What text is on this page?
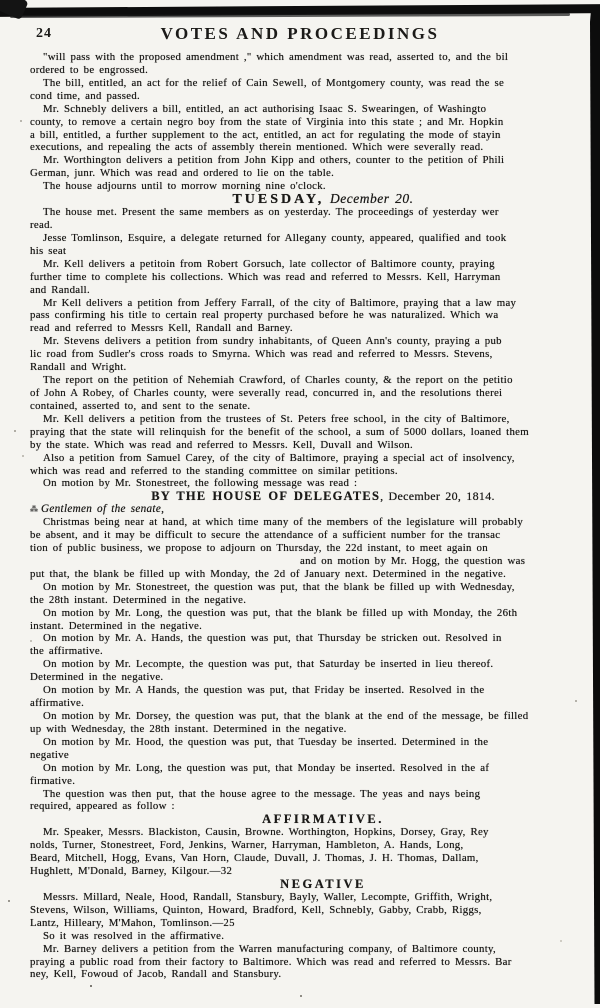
24	VOTES AND PROCEEDINGS
"will pass with the proposed amendment ," which amendment was read, asserted to, and the bil
ordered to be engrossed.
The bill, entitled, an act for the relief of Cain Sewell, of Montgomery county, was read the se
cond time, and passed.
Mr. Schnebly delivers a bill, entitled, an act authorising Isaac S. Swearingen, of Washingto
county, to remove a certain negro boy from the state of Virginia into this state ; and Mr. Hopkin
a bill, entitled, a further supplement to the act, entitled, an act for regulating the mode of stayin
executions, and repealing the acts of assembly therein mentioned. Which were severally read.
Mr. Worthington delivers a petition from John Kipp and others, counter to the petition of Phili
German, junr. Which was read and ordered to lie on the table.
The house adjourns until to morrow morning nine o'clock.
TUESDAY, December 20.
The house met. Present the same members as on yesterday. The proceedings of yesterday wer
read.
Jesse Tomlinson, Esquire, a delegate returned for Allegany county, appeared, qualified and took
his seat
Mr. Kell delivers a petitoin from Robert Gorsuch, late collector of Baltimore county, praying
further time to complete his collections. Which was read and referred to Messrs. Kell, Harryman
and Randall.
Mr Kell delivers a petition from Jeffery Farrall, of the city of Baltimore, praying that a law may
pass confirming his title to certain real property purchased before he was naturalized. Which wa
read and referred to Messrs Kell, Randall and Barney.
Mr. Stevens delivers a petition from sundry inhabitants, of Queen Ann's county, praying a pub
lic road from Sudler's cross roads to Smyrna. Which was read and referred to Messrs. Stevens,
Randall and Wright.
The report on the petition of Nehemiah Crawford, of Charles county, & the report on the petitio
of John A Robey, of Charles county, were severally read, concurred in, and the resolutions therei
contained, asserted to, and sent to the senate.
Mr. Kell delivers a petition from the trustees of St. Peters free school, in the city of Baltimore,
praying that the state will relinquish for the benefit of the school, a sum of 5000 dollars, loaned them
by the state. Which was read and referred to Messrs. Kell, Duvall and Wilson.
Also a petition from Samuel Carey, of the city of Baltimore, praying a special act of insolvency,
which was read and referred to the standing committee on similar petitions.
On motion by Mr. Stonestreet, the following message was read :
BY THE HOUSE OF DELEGATES, December 20, 1814.
⁂ Gentlemen of the senate,
Christmas being near at hand, at which time many of the members of the legislature will probably
be absent, and it may be difficult to secure the attendance of a sufficient number for the transac
tion of public business, we propose to adjourn on Thursday, the 22d instant, to meet again on
and on motion by Mr. Hogg, the question was
put that, the blank be filled up with Monday, the 2d of January next. Determined in the negative.
On motion by Mr. Stonestreet, the question was put, that the blank be filled up with Wednesday,
the 28th instant. Determined in the negative.
On motion by Mr. Long, the question was put, that the blank be filled up with Monday, the 26th
instant. Determined in the negative.
On motion by Mr. A. Hands, the question was put, that Thursday be stricken out. Resolved in
the affirmative.
On motion by Mr. Lecompte, the question was put, that Saturday be inserted in lieu thereof.
Determined in the negative.
On motion by Mr. A Hands, the question was put, that Friday be inserted. Resolved in the
affirmative.
On motion by Mr. Dorsey, the question was put, that the blank at the end of the message, be filled
up with Wednesday, the 28th instant. Determined in the negative.
On motion by Mr. Hood, the question was put, that Tuesday be inserted. Determined in the
negative
On motion by Mr. Long, the question was put, that Monday be inserted. Resolved in the af
firmative.
The question was then put, that the house agree to the message. The yeas and nays being
required, appeared as follow :
AFFIRMATIVE.
Mr. Speaker, Messrs. Blackiston, Causin, Browne. Worthington, Hopkins, Dorsey, Gray, Rey
nolds, Turner, Stonestreet, Ford, Jenkins, Warner, Harryman, Hambleton, A. Hands, Long,
Beard, Mitchell, Hogg, Evans, Van Horn, Claude, Duvall, J. Thomas, J. H. Thomas, Dallam,
Hughlett, M'Donald, Barney, Kilgour.—32
NEGATIVE
Messrs. Millard, Neale, Hood, Randall, Stansbury, Bayly, Waller, Lecompte, Griffith, Wright,
Stevens, Wilson, Williams, Quinton, Howard, Bradford, Kell, Schnebly, Gabby, Crabb, Riggs,
Lantz, Hilleary, M'Mahon, Tomlinson.—25
So it was resolved in the affirmative.
Mr. Barney delivers a petition from the Warren manufacturing company, of Baltimore county,
praying a public road from their factory to Baltimore. Which was read and referred to Messrs. Bar
ney, Kell, Fowoud of Jacob, Randall and Stansbury.
